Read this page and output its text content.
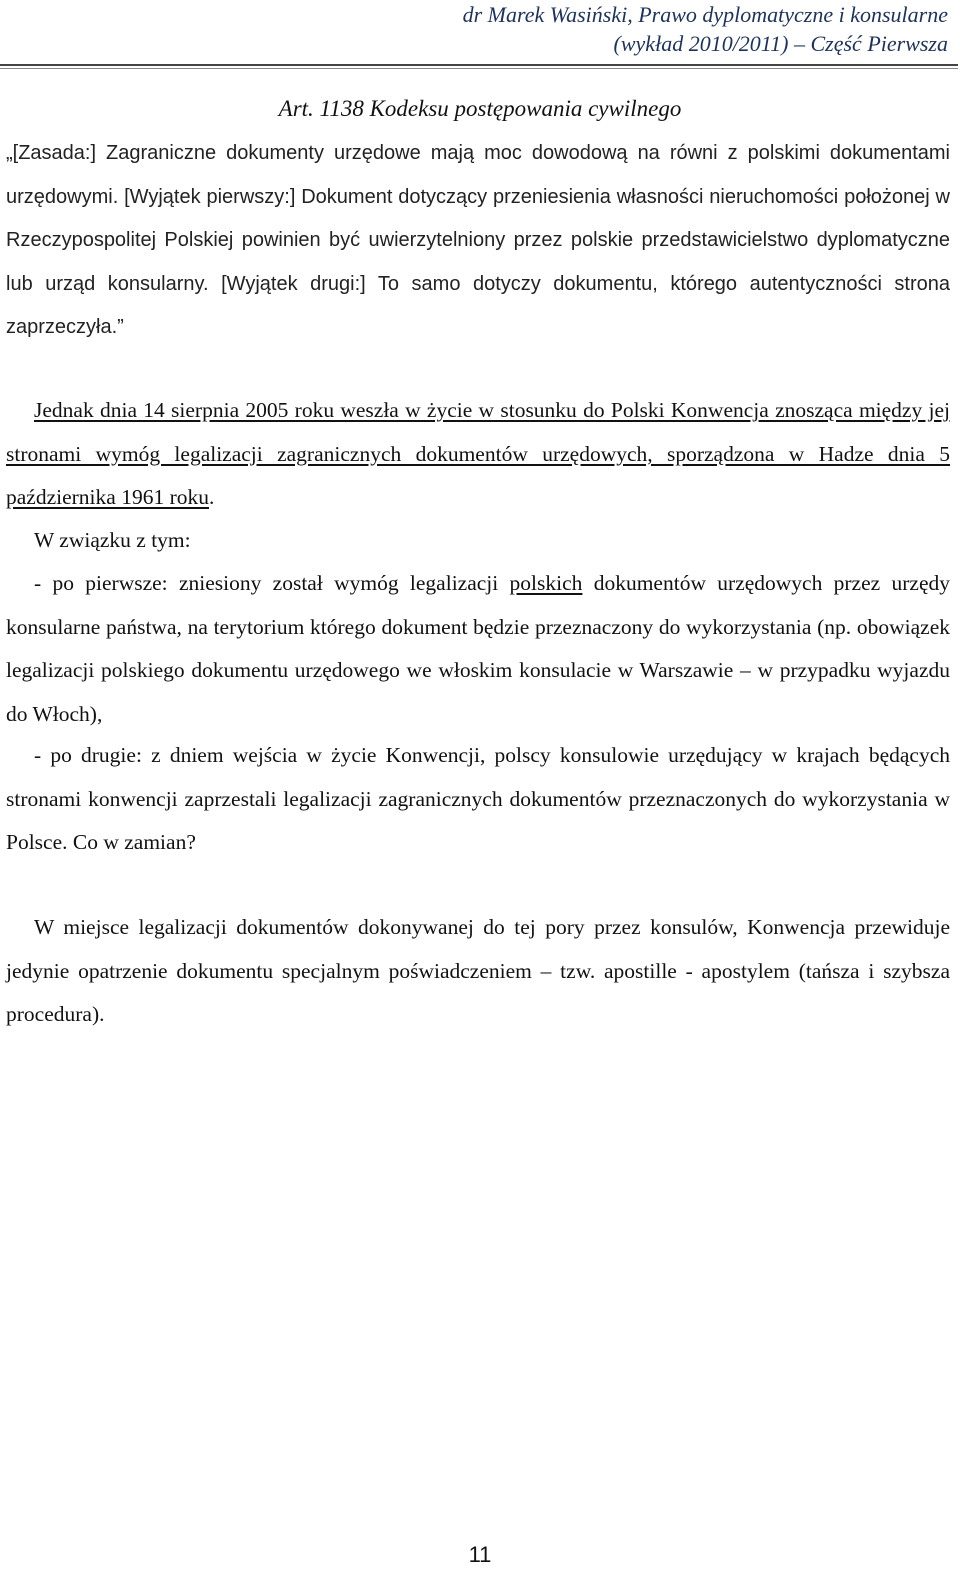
dr Marek Wasiński, Prawo dyplomatyczne i konsularne
(wykład 2010/2011) – Część Pierwsza
Art. 1138 Kodeksu postępowania cywilnego

„[Zasada:] Zagraniczne dokumenty urzędowe mają moc dowodową na równi z polskimi dokumentami urzędowymi. [Wyjątek pierwszy:] Dokument dotyczący przeniesienia własności nieruchomości położonej w Rzeczypospolitej Polskiej powinien być uwierzytelniony przez polskie przedstawicielstwo dyplomatyczne lub urząd konsularny. [Wyjątek drugi:] To samo dotyczy dokumentu, którego autentyczności strona zaprzeczyła.”

Jednak dnia 14 sierpnia 2005 roku weszła w życie w stosunku do Polski Konwencja znosząca między jej stronami wymóg legalizacji zagranicznych dokumentów urzędowych, sporządzona w Hadze dnia 5 października 1961 roku.

W związku z tym:

- po pierwsze: zniesiony został wymóg legalizacji polskich dokumentów urzędowych przez urzędy konsularne państwa, na terytorium którego dokument będzie przeznaczony do wykorzystania (np. obowiązek legalizacji polskiego dokumentu urzędowego we włoskim konsulacie w Warszawie – w przypadku wyjazdu do Włoch),

- po drugie: z dniem wejścia w życie Konwencji, polscy konsulowie urzędujący w krajach będących stronami konwencji zaprzestali legalizacji zagranicznych dokumentów przeznaczonych do wykorzystania w Polsce. Co w zamian?

W miejsce legalizacji dokumentów dokonywanej do tej pory przez konsulów, Konwencja przewiduje jedynie opatrzenie dokumentu specjalnym poświadczeniem – tzw. apostille - apostylem (tańsza i szybsza procedura).

11
